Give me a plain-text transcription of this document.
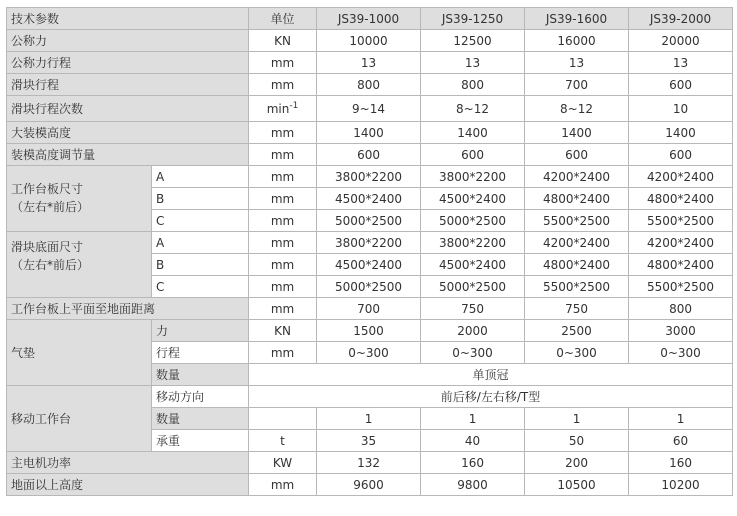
技术参数		单位	JS39-1000	JS39-1250	JS39-1600	JS39-2000
公称力		KN	10000	12500	16000	20000
公称力行程		mm	13	13	13	13
滑块行程		mm	800	800	700	600
滑块行程次数		$\min^{-1}$	9~14	8~12	8~12	10
大装模高度		mm	1400	1400	1400	1400
装模高度调节量		mm	600	600	600	600

工作台板尺寸
（左右*前后）	A	mm	3800*2200	3800*2200	4200*2400	4200*2400
	B	mm	4500*2400	4500*2400	4800*2400	4800*2400
	C	mm	5000*2500	5000*2500	5500*2500	5500*2500

滑块底面尺寸
（左右*前后）	A	mm	3800*2200	3800*2200	4200*2400	4200*2400
	B	mm	4500*2400	4500*2400	4800*2400	4800*2400
	C	mm	5000*2500	5000*2500	5500*2500	5500*2500
工作台板上平面至地面距离		mm	700	750	750	800
气垫	力	KN	1500	2000	2500	3000
	行程	mm	0~300	0~300	0~300	0~300
	数量	单顶冠				
移动工作台	移动方向	前后移/左右移/T型				
	数量		1	1	1	1
	承重	t	35	40	50	60
主电机功率		KW	132	160	200	160
地面以上高度		mm	9600	9800	10500	10200
